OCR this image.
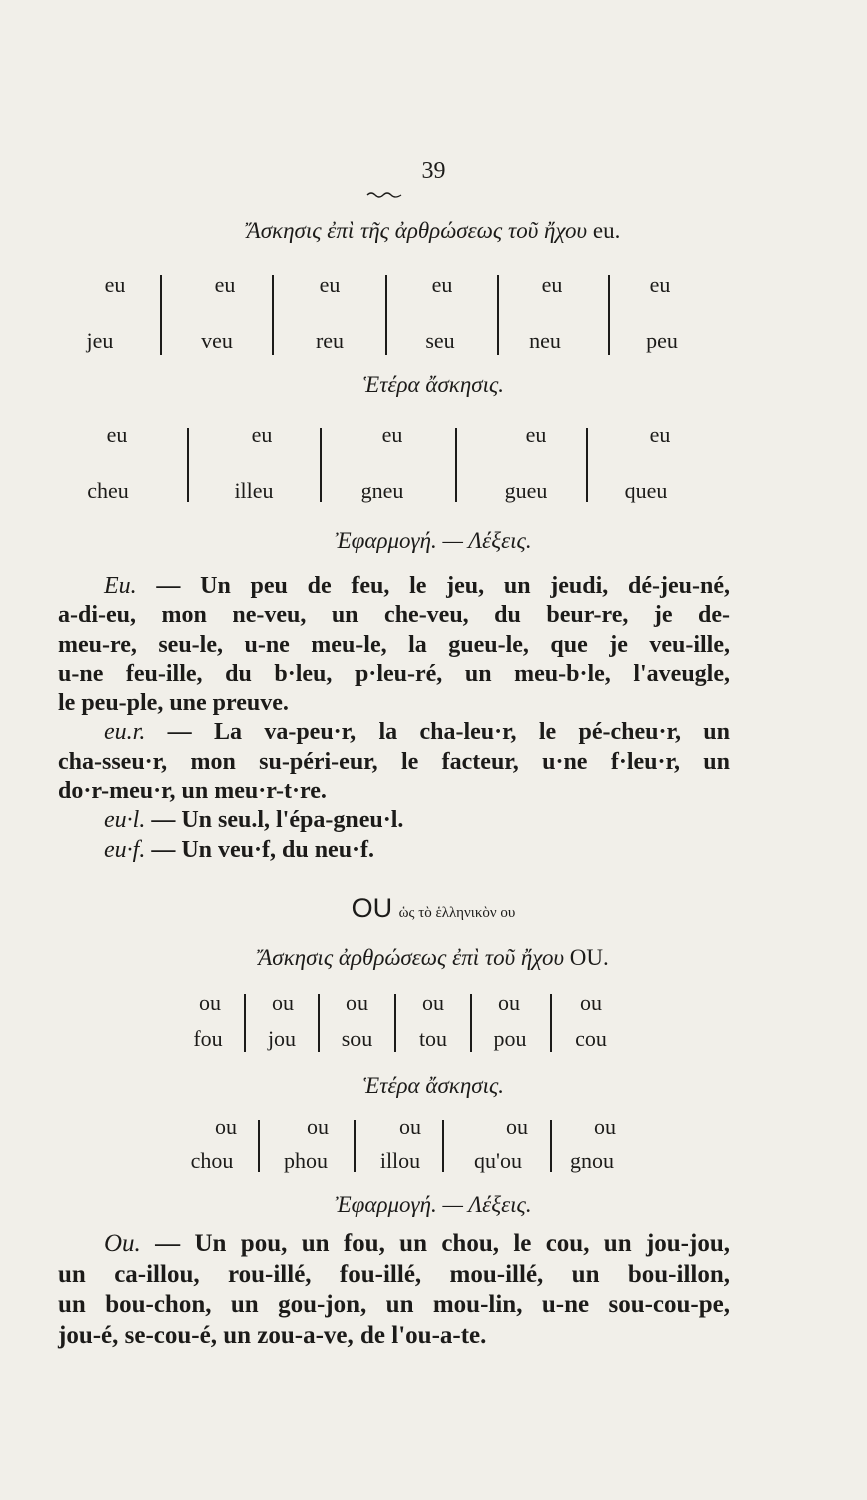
39
Ἄσκησις ἐπὶ τῆς ἀρθρώσεως τοῦ ἤχου eu.
eu	eu	eu	eu	eu	eu
jeu	veu	reu	seu	neu	peu
Ἑτέρα ἄσκησις.
eu	eu	eu	eu	eu
cheu	illeu	gneu	gueu	queu
Ἐφαρμογή. — Λέξεις.
Eu. — Un peu de feu, le jeu, un jeudi, dé-jeu-né,
a-di-eu, mon ne-veu, un che-veu, du beur-re, je de-
meu-re, seu-le, u-ne meu-le, la gueu-le, que je veu-ille,
u-ne feu-ille, du b·leu, p·leu-ré, un meu-b·le, l'aveugle,
le peu-ple, une preuve.
eu.r. — La va-peu·r, la cha-leu·r, le pé-cheu·r, un
cha-sseu·r, mon su-péri-eur, le facteur, u·ne f·leu·r, un
do·r-meu·r, un meu·r-t·re.
eu·l. — Un seu.l, l'épa-gneu·l.
eu·f. — Un veu·f, du neu·f.
OU ὡς τὸ ἑλληνικὸν ου
Ἄσκησις ἀρθρώσεως ἐπὶ τοῦ ἤχου OU.
ou	ou	ou	ou	ou	ou
fou	jou	sou	tou	pou	cou
Ἑτέρα ἄσκησις.
ou	ou	ou	ou	ou
chou	phou	illou	qu'ou	gnou
Ἐφαρμογή. — Λέξεις.
Ou. — Un pou, un fou, un chou, le cou, un jou-jou,
un ca-illou, rou-illé, fou-illé, mou-illé, un bou-illon,
un bou-chon, un gou-jon, un mou-lin, u-ne sou-cou-pe,
jou-é, se-cou-é, un zou-a-ve, de l'ou-a-te.
